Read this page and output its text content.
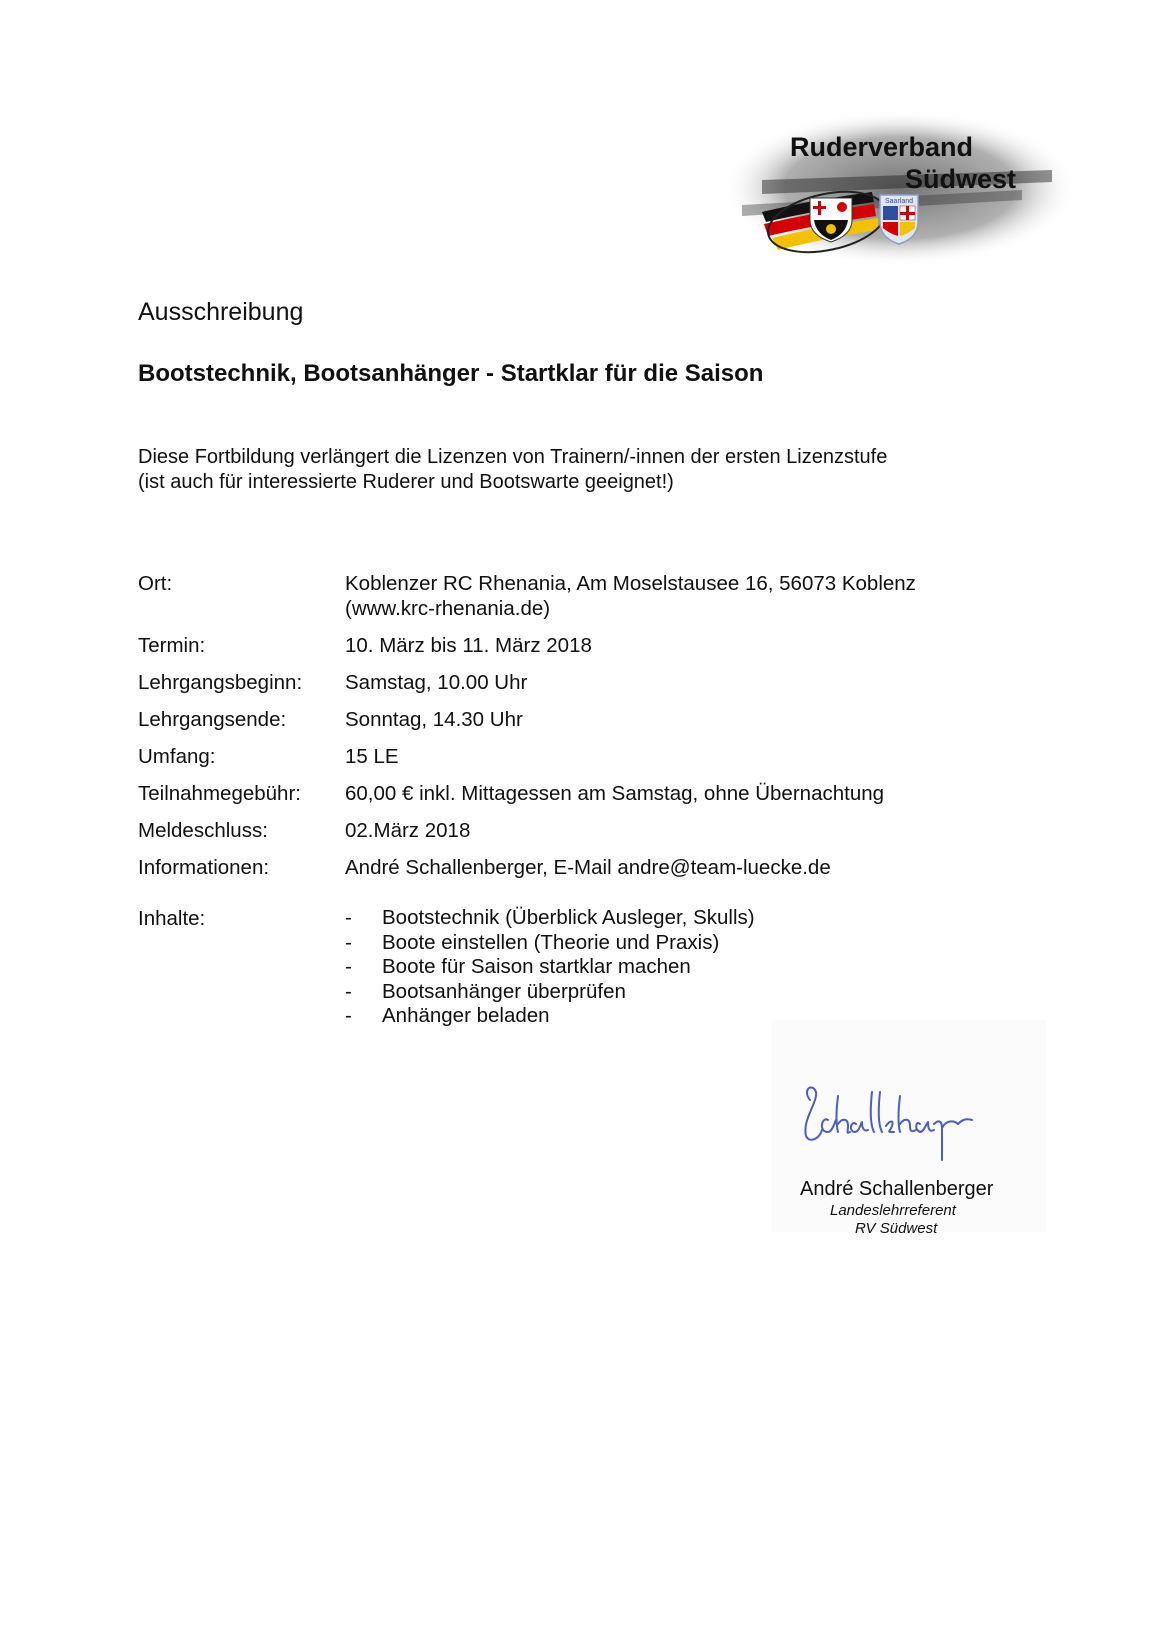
Saarland
Ruderverband
Südwest
Ausschreibung
Bootstechnik, Bootsanhänger - Startklar für die Saison
Diese Fortbildung verlängert die Lizenzen von Trainern/-innen der ersten Lizenzstufe
(ist auch für interessierte Ruderer und Bootswarte geeignet!)
Ort:	Koblenzer RC Rhenania, Am Moselstausee 16, 56073 Koblenz
(www.krc-rhenania.de)
Termin:	10. März bis 11. März 2018
Lehrgangsbeginn: Samstag, 10.00 Uhr
Lehrgangsende:	Sonntag, 14.30 Uhr
Umfang:	15 LE
Teilnahmegebühr: 60,00 € inkl. Mittagessen am Samstag, ohne Übernachtung
Meldeschluss:	02.März 2018
Informationen:	André Schallenberger, E-Mail andre@team-luecke.de
Inhalte:	- Bootstechnik (Überblick Ausleger, Skulls)
- Boote einstellen (Theorie und Praxis)
- Boote für Saison startklar machen
- Bootsanhänger überprüfen
- Anhänger beladen
André Schallenberger
Landeslehrreferent
RV Südwest
